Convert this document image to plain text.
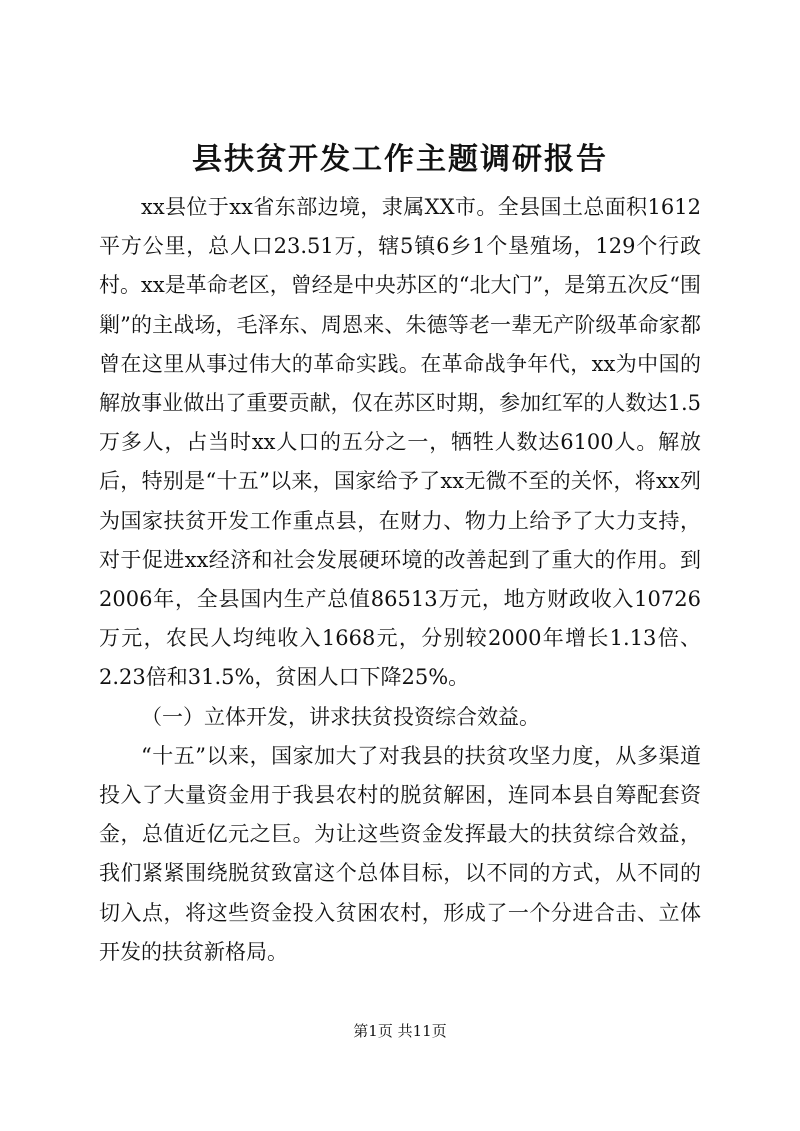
县扶贫开发工作主题调研报告

xx县位于xx省东部边境，隶属XX市。全县国土总面积1612平方公里，总人口23.51万，辖5镇6乡1个垦殖场，129个行政村。xx是革命老区，曾经是中央苏区的“北大门”，是第五次反“围剿”的主战场，毛泽东、周恩来、朱德等老一辈无产阶级革命家都曾在这里从事过伟大的革命实践。在革命战争年代，xx为中国的解放事业做出了重要贡献，仅在苏区时期，参加红军的人数达1.5万多人，占当时xx人口的五分之一，牺牲人数达6100人。解放后，特别是“十五”以来，国家给予了xx无微不至的关怀，将xx列为国家扶贫开发工作重点县，在财力、物力上给予了大力支持，对于促进xx经济和社会发展硬环境的改善起到了重大的作用。到2006年，全县国内生产总值86513万元，地方财政收入10726万元，农民人均纯收入1668元，分别较2000年增长1.13倍、2.23倍和31.5%，贫困人口下降25%。

（一）立体开发，讲求扶贫投资综合效益。

“十五”以来，国家加大了对我县的扶贫攻坚力度，从多渠道投入了大量资金用于我县农村的脱贫解困，连同本县自筹配套资金，总值近亿元之巨。为让这些资金发挥最大的扶贫综合效益，我们紧紧围绕脱贫致富这个总体目标，以不同的方式，从不同的切入点，将这些资金投入贫困农村，形成了一个分进合击、立体开发的扶贫新格局。

第1页 共11页
